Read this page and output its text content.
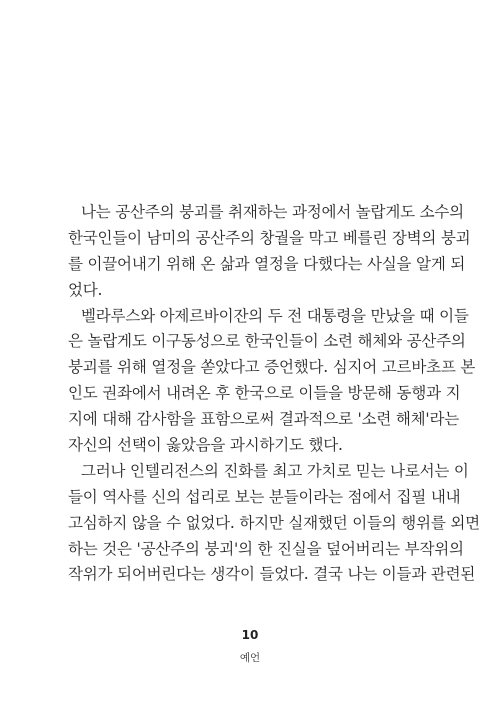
나는 공산주의 붕괴를 취재하는 과정에서 놀랍게도 소수의
한국인들이 남미의 공산주의 창궐을 막고 베를린 장벽의 붕괴
를 이끌어내기 위해 온 삶과 열정을 다했다는 사실을 알게 되
었다.
벨라루스와 아제르바이잔의 두 전 대통령을 만났을 때 이들
은 놀랍게도 이구동성으로 한국인들이 소련 해체와 공산주의
붕괴를 위해 열정을 쏟았다고 증언했다. 심지어 고르바초프 본
인도 권좌에서 내려온 후 한국으로 이들을 방문해 동행과 지
지에 대해 감사함을 표함으로써 결과적으로 '소련 해체'라는
자신의 선택이 옳았음을 과시하기도 했다.
그러나 인텔리전스의 진화를 최고 가치로 믿는 나로서는 이
들이 역사를 신의 섭리로 보는 분들이라는 점에서 집필 내내
고심하지 않을 수 없었다. 하지만 실재했던 이들의 행위를 외면
하는 것은 '공산주의 붕괴'의 한 진실을 덮어버리는 부작위의
작위가 되어버린다는 생각이 들었다. 결국 나는 이들과 관련된
10
예언
